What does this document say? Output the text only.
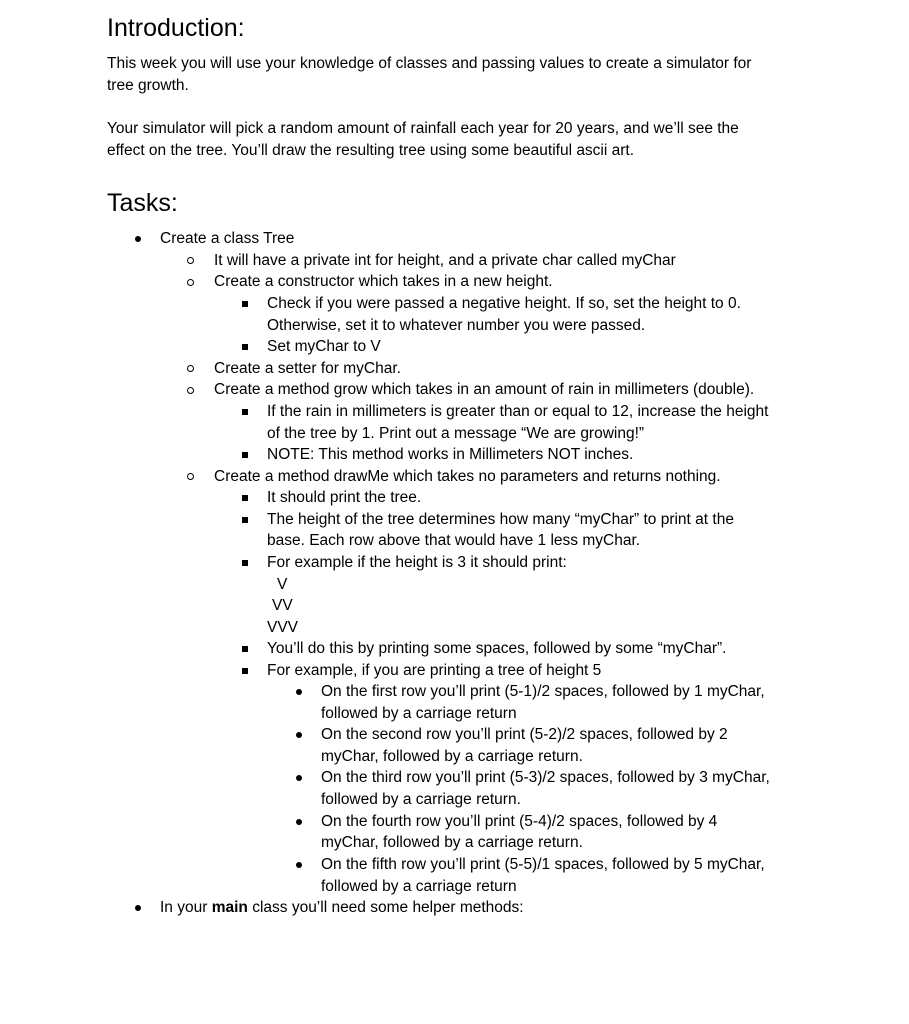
Introduction:

This week you will use your knowledge of classes and passing values to create a simulator for

tree growth.

Your simulator will pick a random amount of rainfall each year for 20 years, and we’ll see the

effect on the tree. You’ll draw the resulting tree using some beautiful ascii art.

Tasks:

Create a class Tree

It will have a private int for height, and a private char called myChar

Create a constructor which takes in a new height.

Check if you were passed a negative height. If so, set the height to 0.

Otherwise, set it to whatever number you were passed.

Set myChar to V

Create a setter for myChar.

Create a method grow which takes in an amount of rain in millimeters (double).

If the rain in millimeters is greater than or equal to 12, increase the height

of the tree by 1. Print out a message “We are growing!”

NOTE: This method works in Millimeters NOT inches.

Create a method drawMe which takes no parameters and returns nothing.

It should print the tree.

The height of the tree determines how many “myChar” to print at the

base. Each row above that would have 1 less myChar.

For example if the height is 3 it should print:

V

VV

VVV

You’ll do this by printing some spaces, followed by some “myChar”.

For example, if you are printing a tree of height 5

On the first row you’ll print (5-1)/2 spaces, followed by 1 myChar,

followed by a carriage return

On the second row you’ll print (5-2)/2 spaces, followed by 2

myChar, followed by a carriage return.

On the third row you’ll print (5-3)/2 spaces, followed by 3 myChar,

followed by a carriage return.

On the fourth row you’ll print (5-4)/2 spaces, followed by 4

myChar, followed by a carriage return.

On the fifth row you’ll print (5-5)/1 spaces, followed by 5 myChar,

followed by a carriage return

In your main class you’ll need some helper methods:
